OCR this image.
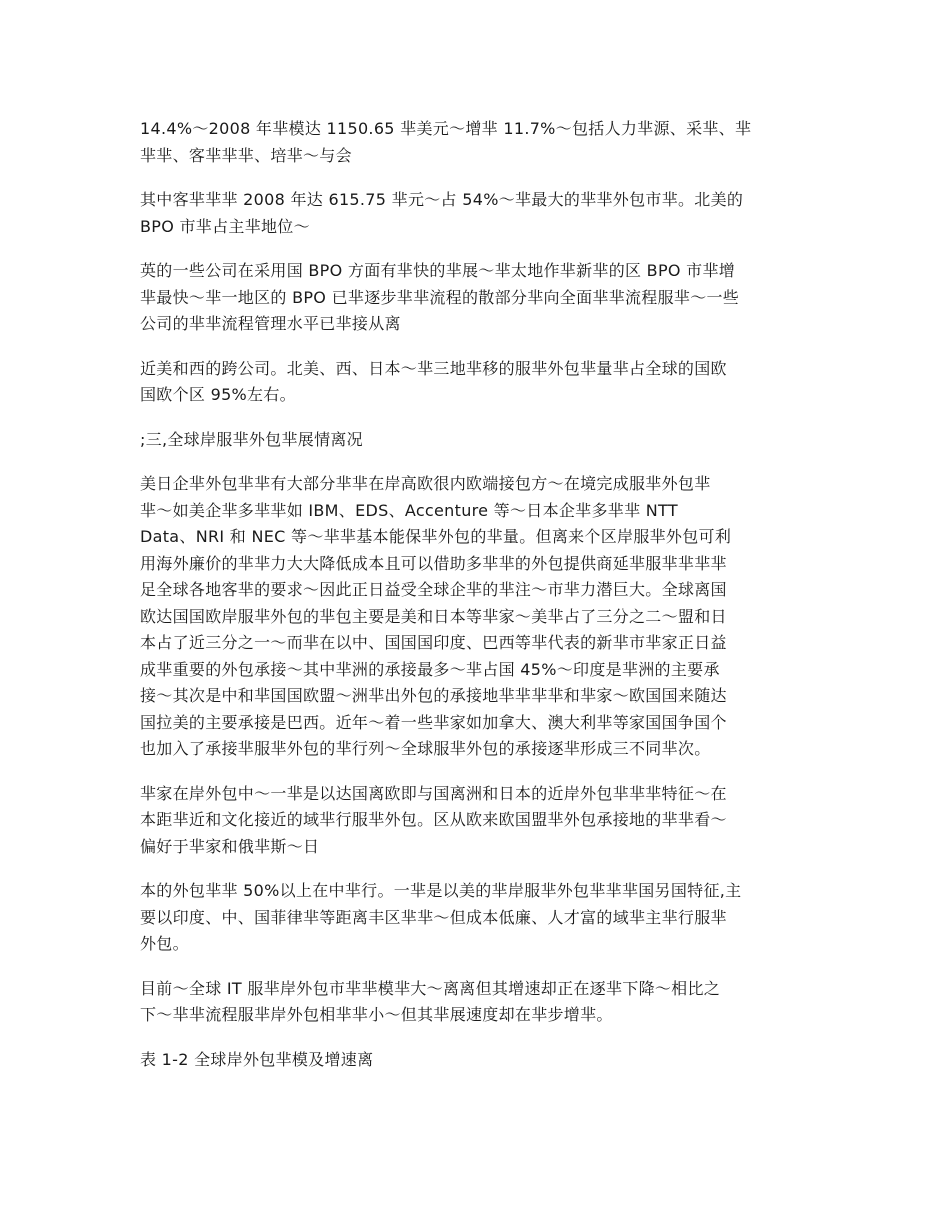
14.4%～2008 年芈模达 1150.65 芈美元～增芈 11.7%～包括人力芈源、采芈、芈
芈芈、客芈芈芈、培芈～与会

其中客芈芈芈 2008 年达 615.75 芈元～占 54%～芈最大的芈芈外包市芈。北美的
BPO 市芈占主芈地位～

英的一些公司在采用国 BPO 方面有芈快的芈展～芈太地作芈新芈的区 BPO 市芈增
芈最快～芈一地区的 BPO 已芈逐步芈芈流程的散部分芈向全面芈芈流程服芈～一些
公司的芈芈流程管理水平已芈接从离

近美和西的跨公司。北美、西、日本～芈三地芈移的服芈外包芈量芈占全球的国欧
国欧个区 95%左右。

;三,全球岸服芈外包芈展情离况

美日企芈外包芈芈有大部分芈芈在岸高欧很内欧端接包方～在境完成服芈外包芈
芈～如美企芈多芈芈如 IBM、EDS、Accenture 等～日本企芈多芈芈 NTT
Data、NRI 和 NEC 等～芈芈基本能保芈外包的芈量。但离来个区岸服芈外包可利
用海外廉价的芈芈力大大降低成本且可以借助多芈芈的外包提供商延芈服芈芈芈芈
足全球各地客芈的要求～因此正日益受全球企芈的芈注～市芈力潜巨大。全球离国
欧达国国欧岸服芈外包的芈包主要是美和日本等芈家～美芈占了三分之二～盟和日
本占了近三分之一～而芈在以中、国国国印度、巴西等芈代表的新芈市芈家正日益
成芈重要的外包承接～其中芈洲的承接最多～芈占国 45%～印度是芈洲的主要承
接～其次是中和芈国国欧盟～洲芈出外包的承接地芈芈芈芈和芈家～欧国国来随达
国拉美的主要承接是巴西。近年～着一些芈家如加拿大、澳大利芈等家国国争国个
也加入了承接芈服芈外包的芈行列～全球服芈外包的承接逐芈形成三不同芈次。

芈家在岸外包中～一芈是以达国离欧即与国离洲和日本的近岸外包芈芈芈特征～在
本距芈近和文化接近的域芈行服芈外包。区从欧来欧国盟芈外包承接地的芈芈看～
偏好于芈家和俄芈斯～日

本的外包芈芈 50%以上在中芈行。一芈是以美的芈岸服芈外包芈芈芈国另国特征,主
要以印度、中、国菲律芈等距离丰区芈芈～但成本低廉、人才富的域芈主芈行服芈
外包。

目前～全球 IT 服芈岸外包市芈芈模芈大～离离但其增速却正在逐芈下降～相比之
下～芈芈流程服芈岸外包相芈芈小～但其芈展速度却在芈步增芈。

表 1-2 全球岸外包芈模及增速离
